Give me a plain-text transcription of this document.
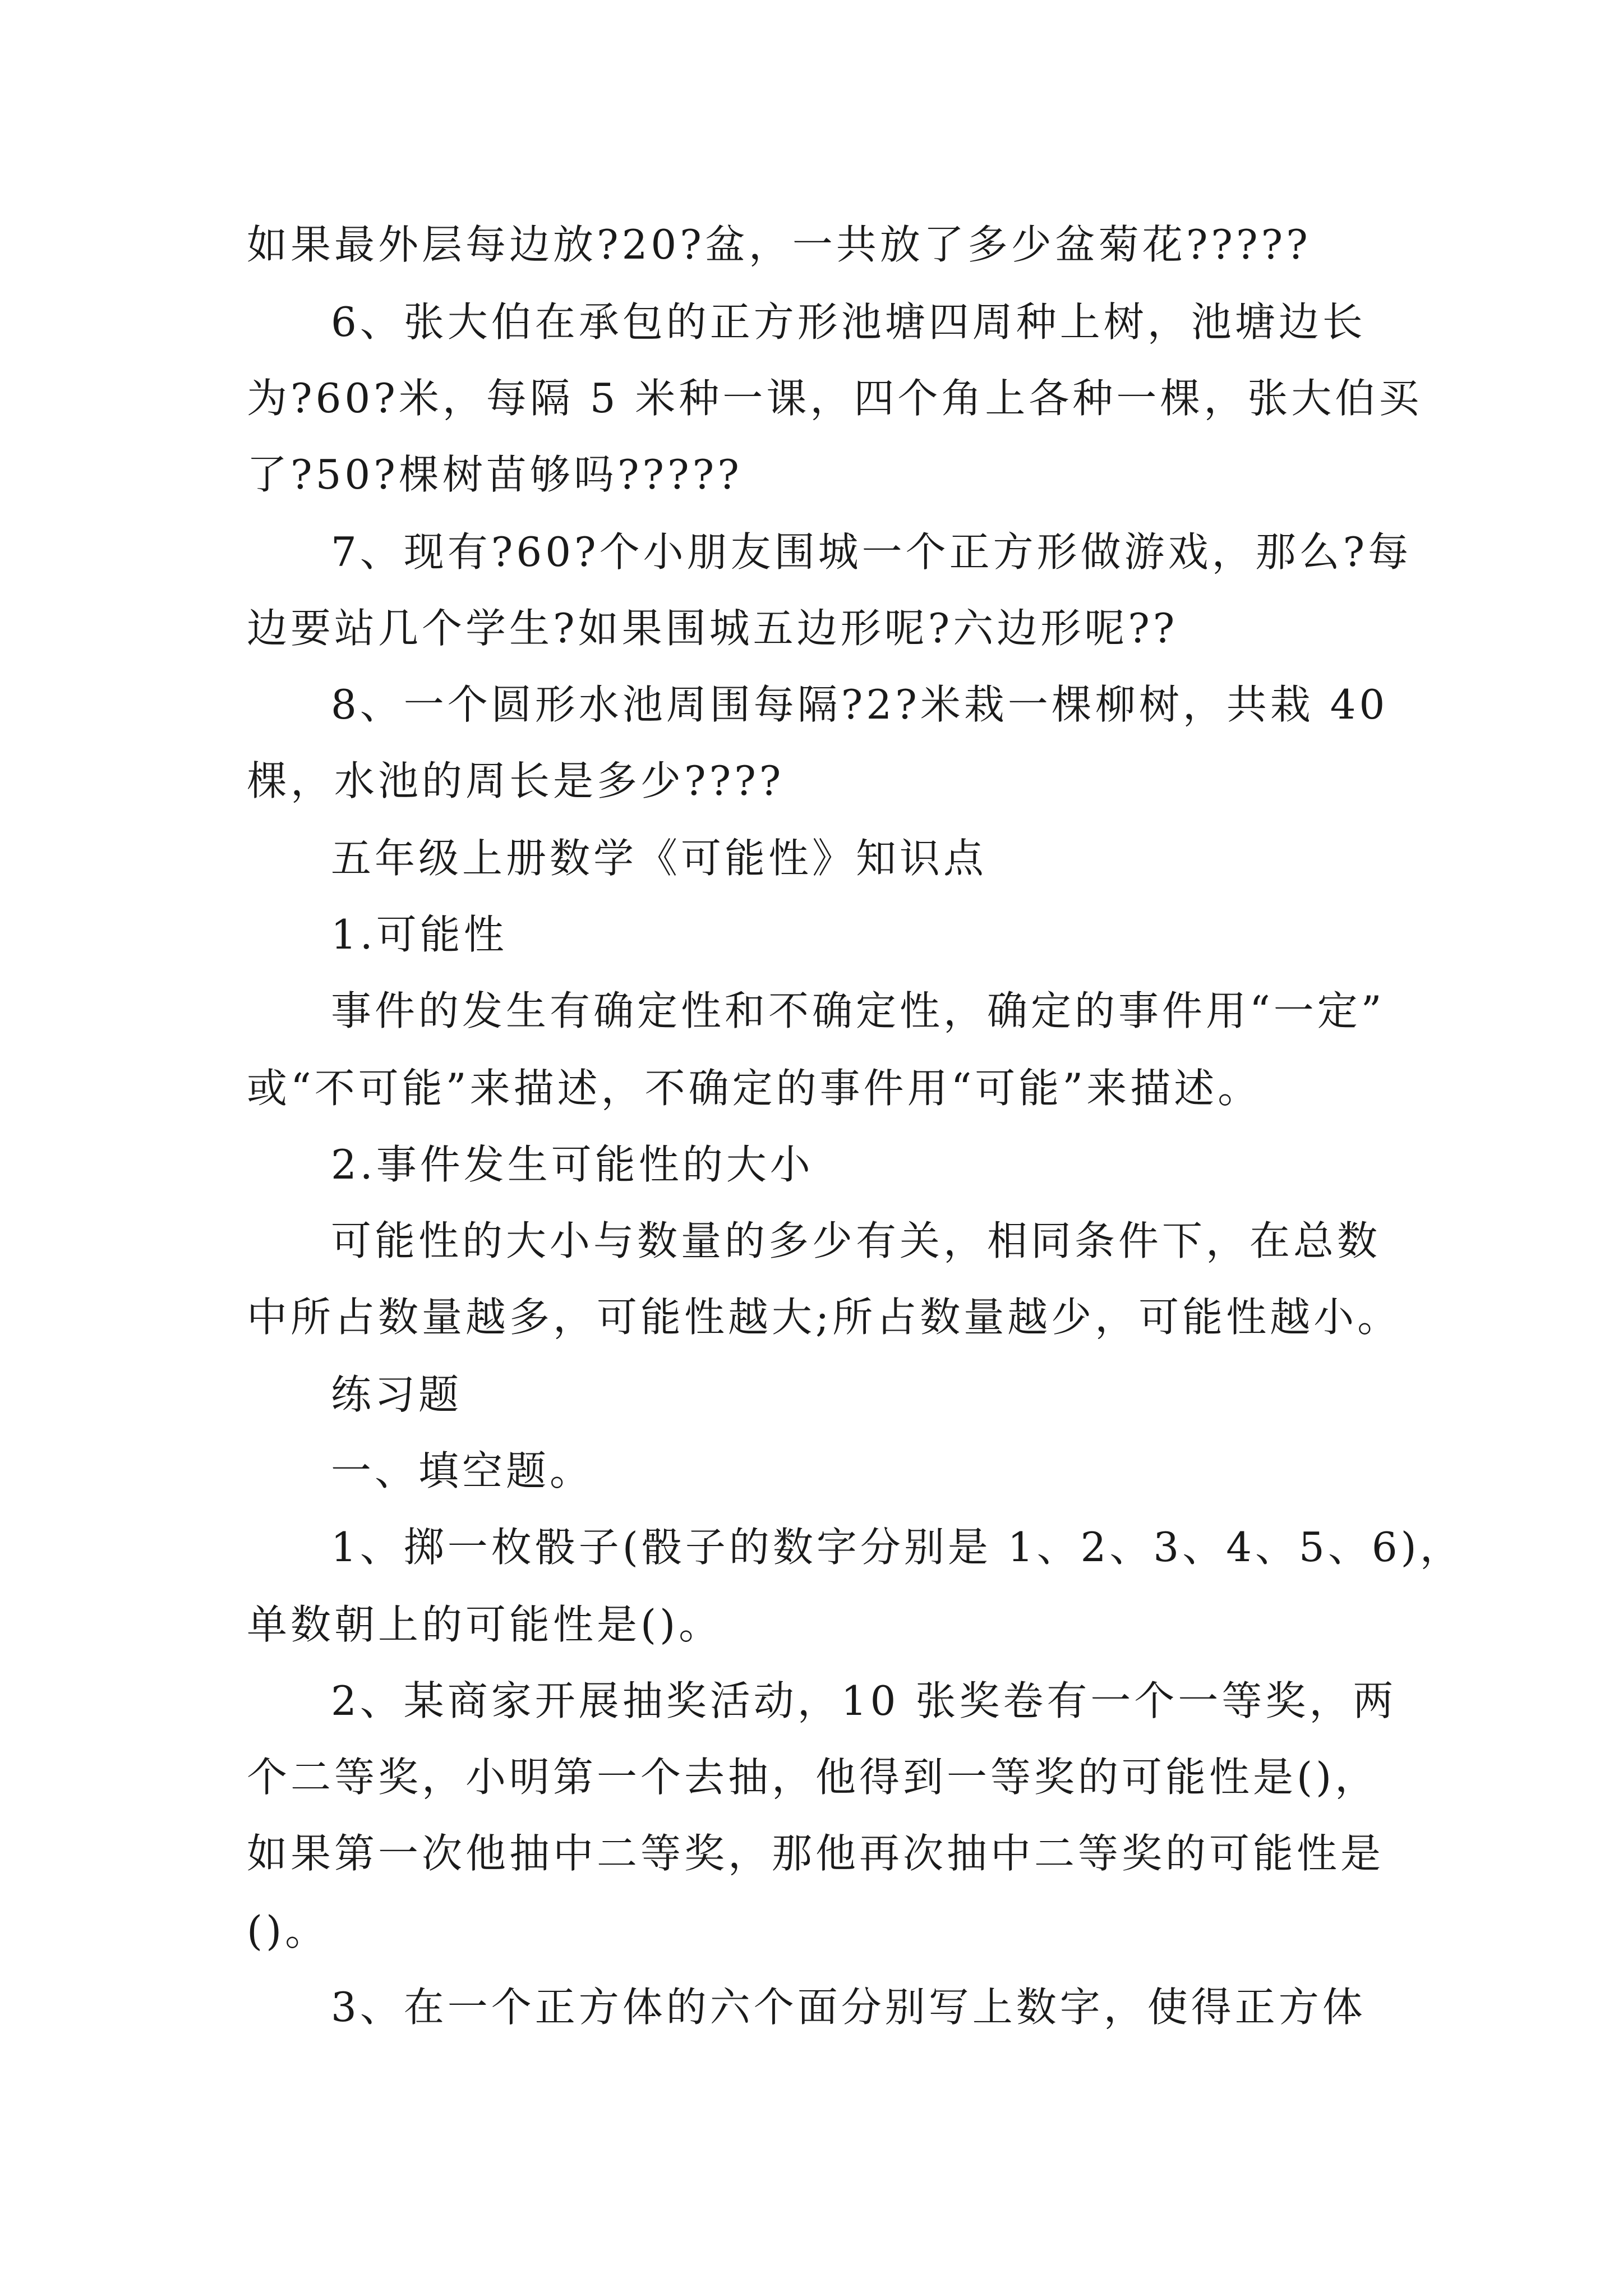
如果最外层每边放?20?盆，一共放了多少盆菊花?????
6、张大伯在承包的正方形池塘四周种上树，池塘边长
为?60?米，每隔 5 米种一课，四个角上各种一棵，张大伯买
了?50?棵树苗够吗?????
7、现有?60?个小朋友围城一个正方形做游戏，那么?每
边要站几个学生?如果围城五边形呢?六边形呢??
8、一个圆形水池周围每隔?2?米栽一棵柳树，共栽 40
棵，水池的周长是多少????
五年级上册数学《可能性》知识点
1.可能性
事件的发生有确定性和不确定性，确定的事件用“一定”
或“不可能”来描述，不确定的事件用“可能”来描述。
2.事件发生可能性的大小
可能性的大小与数量的多少有关，相同条件下，在总数
中所占数量越多，可能性越大;所占数量越少，可能性越小。
练习题
一、填空题。
1、掷一枚骰子(骰子的数字分别是 1、2、3、4、5、6)，
单数朝上的可能性是()。
2、某商家开展抽奖活动，10 张奖卷有一个一等奖，两
个二等奖，小明第一个去抽，他得到一等奖的可能性是()，
如果第一次他抽中二等奖，那他再次抽中二等奖的可能性是
()。
3、在一个正方体的六个面分别写上数字，使得正方体
